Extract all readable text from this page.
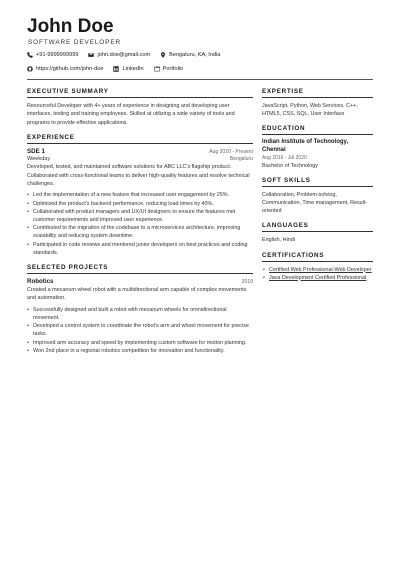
John Doe
SOFTWARE DEVELOPER
+91-9999999999	john.doe@gmail.com	Bengaluru, KA, India
https://github.com/john-doe	LinkedIn	Portfolio
EXECUTIVE SUMMARY
Resourceful Developer with 4+ years of experience in designing and developing user interfaces, testing and training employees. Skilled at utilizing a wide variety of tools and programs to provide effective applications.
EXPERIENCE
SDE 1	Aug 2020 - Present
Weekday	Bengaluru
Developed, tested, and maintained software solutions for ABC LLC's flagship product. Collaborated with cross-functional teams to deliver high-quality features and resolve technical challenges.
• Led the implementation of a new feature that increased user engagement by 25%.
• Optimized the product's backend performance, reducing load times by 40%.
• Collaborated with product managers and UX/UI designers to ensure the features met customer requirements and improved user experience.
• Contributed to the migration of the codebase to a microservices architecture, improving scalability and reducing system downtime.
• Participated in code reviews and mentored junior developers on best practices and coding standards.
SELECTED PROJECTS
Robotics	2019
Created a mecanum wheel robot with a multidirectional arm capable of complex movements and automation.
• Successfully designed and built a robot with mecanum wheels for omnidirectional movement.
• Developed a control system to coordinate the robot's arm and wheel movement for precise tasks.
• Improved arm accuracy and speed by implementing custom software for motion planning.
• Won 2nd place in a regional robotics competition for innovation and functionality.
EXPERTISE
JavaScript, Python, Web Services, C++, HTML5, CSS, SQL, User Interface
EDUCATION
Indian Institute of Technology, Chennai
Aug 2016 - Jul 2020
Bachelor of Technology
SOFT SKILLS
Collaboration, Problem-solving, Communication, Time management, Result-oriented
LANGUAGES
English, Hindi
CERTIFICATIONS
• Certified Web Professional-Web Developer
• Java Development Certified Professional
